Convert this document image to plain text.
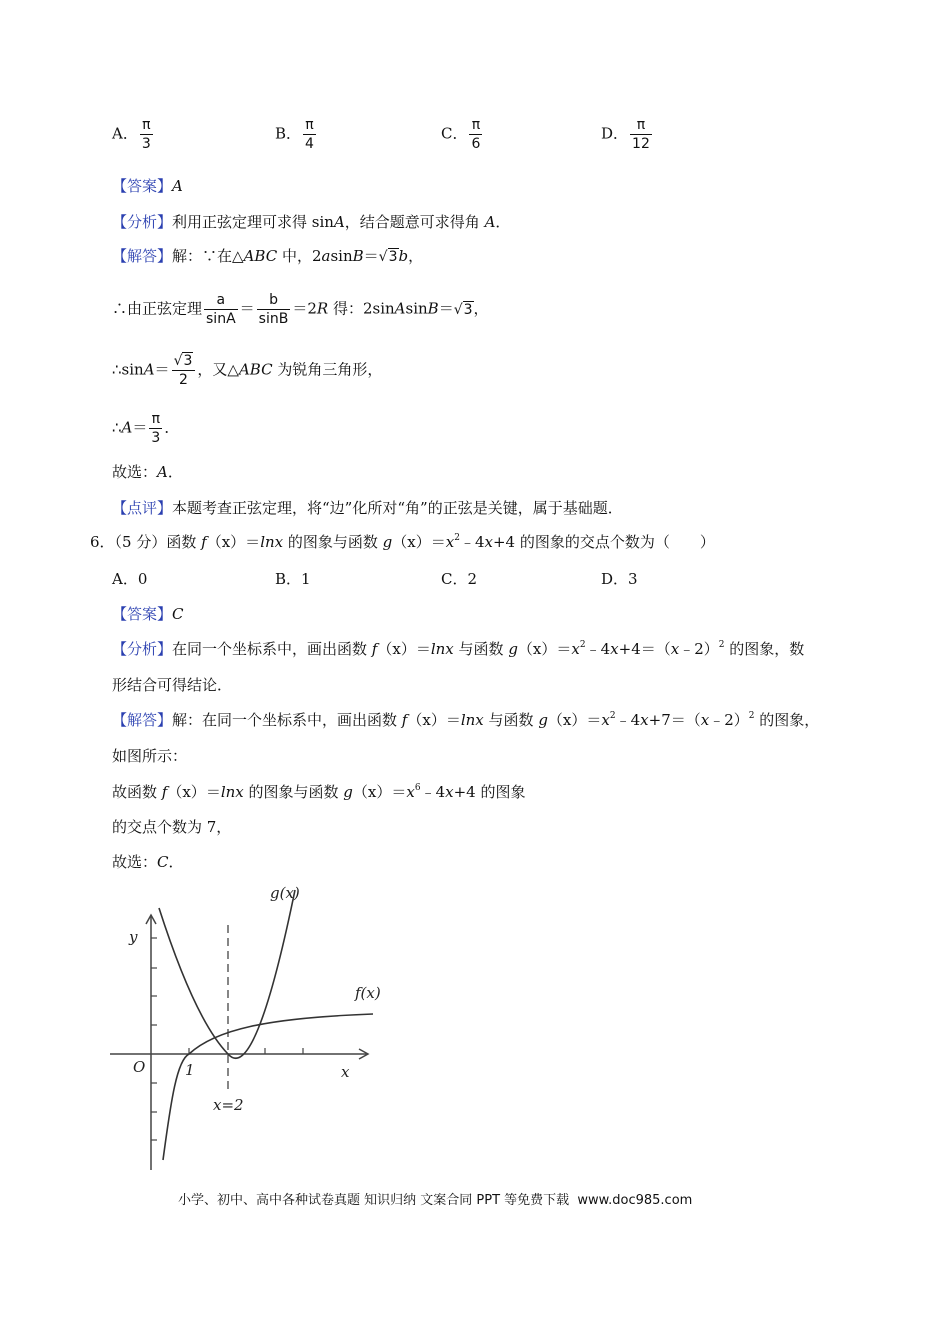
A． $\frac{\pi}{3}$	B． $\frac{\pi}{4}$	C． $\frac{\pi}{6}$	D． $\frac{\pi}{12}$
【答案】A
【分析】利用正弦定理可求得 sinA，结合题意可求得角 A．
【解答】解：∵在△ABC 中，2asinB＝√3b，
∴由正弦定理 $\frac{a}{\sin A} = \frac{b}{\sin B} =2R$ 得：2sinAsinB＝√3，
∴sinA＝ $\frac{√3}{2}$ ，又△ABC 为锐角三角形，
∴A＝ $\frac{\pi}{3}$ ．
故选：A．
【点评】本题考查正弦定理，将“边”化所对“角”的正弦是关键，属于基础题．
6．（5 分）函数 f（x）＝lnx 的图象与函数 $g(x)=x^2﹣4x+4$ 的图象的交点个数为（　　）
A．0	B．1	C．2	D．3
【答案】C
【分析】在同一个坐标系中，画出函数 f（x）＝lnx 与函数 $g(x)=x^2﹣4x+4=(x﹣2)^2$ 的图象，数
形结合可得结论．
【解答】解：在同一个坐标系中，画出函数 f（x）＝lnx 与函数 $g(x)=x^2﹣4x+7=(x﹣2)^2$ 的图象，
如图所示：
故函数 f（x）＝lnx 的图象与函数 $g(x)=x^6﹣4x+4$ 的图象
的交点个数为 7，
故选：C．
g(x)
f(x)
y
x
O	1
x=2
小学、初中、高中各种试卷真题 知识归纳 文案合同 PPT 等免费下载 www.doc985.com
